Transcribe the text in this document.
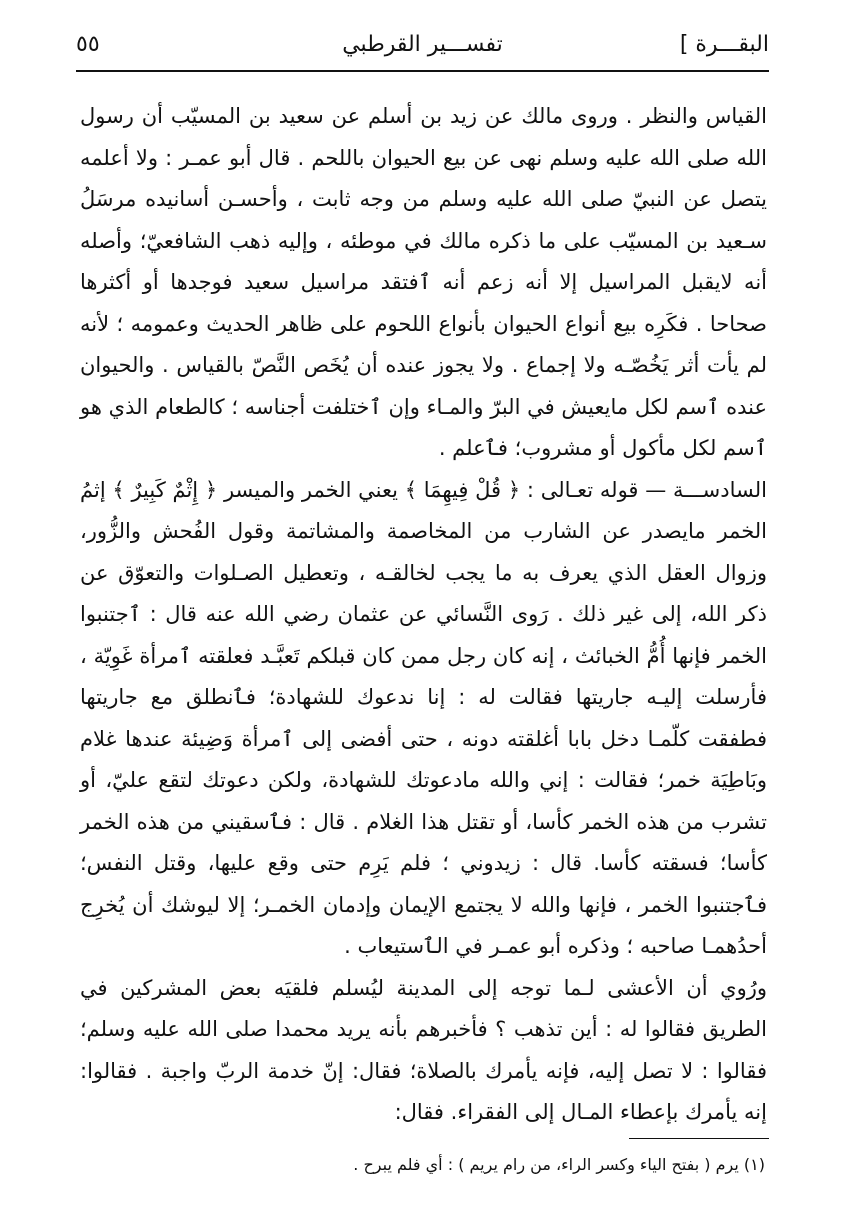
البقـــرة ]
تفســـير القرطبي
٥٥

القياس والنظر . وروى مالك عن زيد بن أسلم عن سعيد بن المسيّب أن رسول الله صلى الله عليه وسلم نهى عن بيع الحيوان باللحم . قال أبو عمـر : ولا أعلمه يتصل عن النبيّ صلى الله عليه وسلم من وجه ثابت ، وأحسـن أسانيده مرسَلُ سـعيد بن المسيّب على ما ذكره مالك في موطئه ، وإليه ذهب الشافعيّ؛ وأصله أنه لايقبل المراسيل إلا أنه زعم أنه ٱفتقد مراسيل سعيد فوجدها أو أكثرها صحاحا . فكَرِه بيع أنواع الحيوان بأنواع اللحوم على ظاهر الحديث وعمومه ؛ لأنه لم يأت أثر يَخُصّـه ولا إجماع . ولا يجوز عنده أن يُخَص النَّصّ بالقياس . والحيوان عنده ٱسم لكل مايعيش في البرّ والمـاء وإن ٱختلفت أجناسه ؛ كالطعام الذي هو ٱسم لكل مأكول أو مشروب؛ فٱعلم .

السادســـة — قوله تعـالى : ﴿ قُلْ فِيهِمَا ﴾ يعني الخمر والميسر ﴿ إِثْمٌ كَبِيرٌ ﴾ إثمُ الخمر مايصدر عن الشارب من المخاصمة والمشاتمة وقول الفُحش والزُّور، وزوال العقل الذي يعرف به ما يجب لخالقـه ، وتعطيل الصـلوات والتعوّق عن ذكر الله، إلى غير ذلك . رَوى النَّسائي عن عثمان رضي الله عنه قال : ٱجتنبوا الخمر فإنها أُمُّ الخبائث ، إنه كان رجل ممن كان قبلكم تَعبَّـد فعلقته ٱمرأة غَوِيّة ، فأرسلت إليـه جاريتها فقالت له : إنا ندعوك للشهادة؛ فٱنطلق مع جاريتها فطفقت كلّمـا دخل بابا أغلقته دونه ، حتى أفضى إلى ٱمرأة وَضِيئة عندها غلام وبَاطِيَة خمر؛ فقالت : إني والله مادعوتك للشهادة، ولكن دعوتك لتقع عليّ، أو تشرب من هذه الخمر كأسا، أو تقتل هذا الغلام . قال : فٱسقيني من هذه الخمر كأسا؛ فسقته كأسا. قال : زيدوني ؛ فلم يَرِم حتى وقع عليها، وقتل النفس؛ فٱجتنبوا الخمر ، فإنها والله لا يجتمع الإيمان وإدمان الخمـر؛ إلا ليوشك أن يُخرِج أحدُهمـا صاحبه ؛ وذكره أبو عمـر في الٱستيعاب .

ورُوي أن الأعشى لـما توجه إلى المدينة ليُسلم فلقيَه بعض المشركين في الطريق فقالوا له : أين تذهب ؟ فأخبرهم بأنه يريد محمدا صلى الله عليه وسلم؛ فقالوا : لا تصل إليه، فإنه يأمرك بالصلاة؛ فقال: إنّ خدمة الربّ واجبة . فقالوا: إنه يأمرك بإعطاء المـال إلى الفقراء. فقال:

(١) يرم ( بفتح الياء وكسر الراء، من رام يريم ) : أي فلم يبرح .
